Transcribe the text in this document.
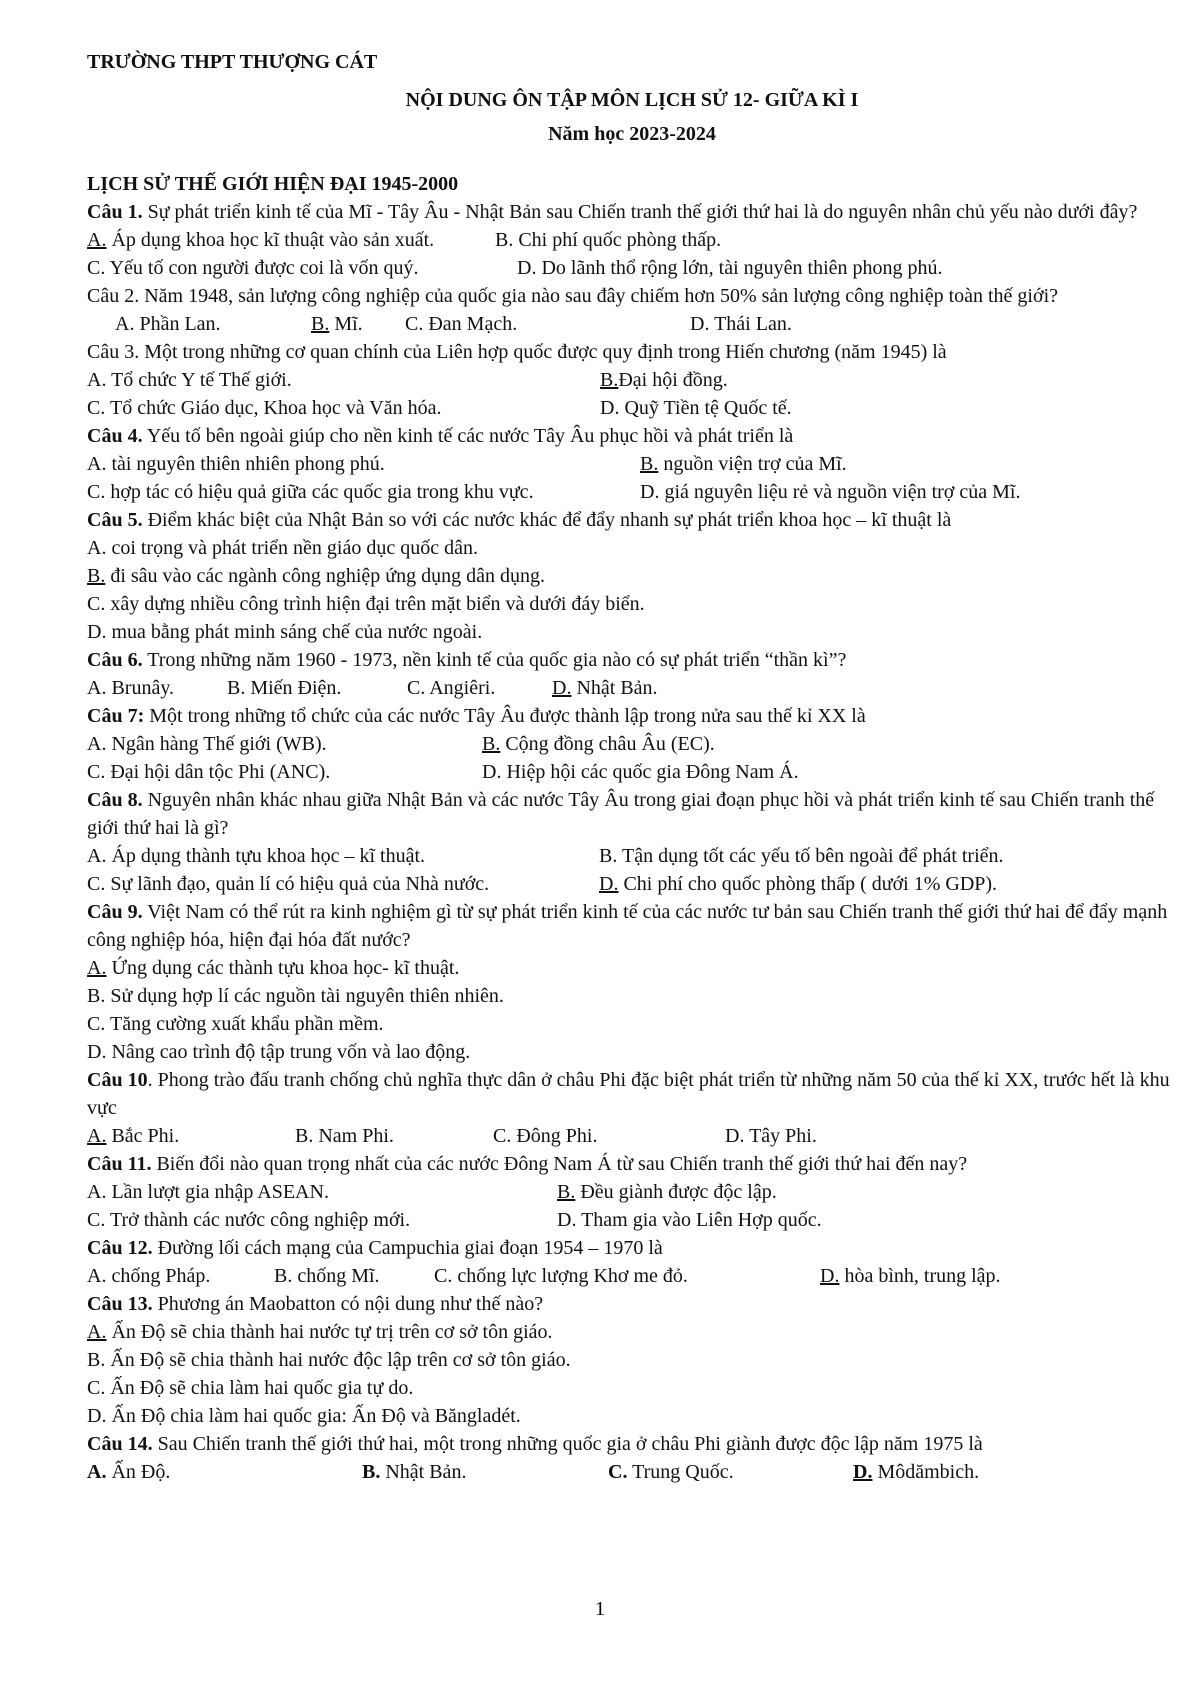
TRƯỜNG THPT THƯỢNG CÁT
NỘI DUNG ÔN TẬP MÔN LỊCH SỬ 12- GIỮA KÌ I
Năm học 2023-2024
LỊCH SỬ THẾ GIỚI HIỆN ĐẠI 1945-2000
Câu 1. Sự phát triển kinh tế của Mĩ - Tây Âu - Nhật Bản sau Chiến tranh thế giới thứ hai là do nguyên nhân chủ yếu nào dưới đây?
A. Áp dụng khoa học kĩ thuật vào sản xuất.	B. Chi phí quốc phòng thấp.
C. Yếu tố con người được coi là vốn quý.	D. Do lãnh thổ rộng lớn, tài nguyên thiên phong phú.
Câu 2. Năm 1948, sản lượng công nghiệp của quốc gia nào sau đây chiếm hơn 50% sản lượng công nghiệp toàn thế giới?
A. Phần Lan.	B. Mĩ.	C. Đan Mạch.	D. Thái Lan.
Câu 3. Một trong những cơ quan chính của Liên hợp quốc được quy định trong Hiến chương (năm 1945) là
A. Tổ chức Y tế Thế giới.	B.Đại hội đồng.
C. Tổ chức Giáo dục, Khoa học và Văn hóa.	D. Quỹ Tiền tệ Quốc tế.
Câu 4. Yếu tố bên ngoài giúp cho nền kinh tế các nước Tây Âu phục hồi và phát triển là
A. tài nguyên thiên nhiên phong phú.	B. nguồn viện trợ của Mĩ.
C. hợp tác có hiệu quả giữa các quốc gia trong khu vực.	D. giá nguyên liệu rẻ và nguồn viện trợ của Mĩ.
Câu 5. Điểm khác biệt của Nhật Bản so với các nước khác để đẩy nhanh sự phát triển khoa học – kĩ thuật là
A. coi trọng và phát triển nền giáo dục quốc dân.
B. đi sâu vào các ngành công nghiệp ứng dụng dân dụng.
C. xây dựng nhiều công trình hiện đại trên mặt biển và dưới đáy biển.
D. mua bằng phát minh sáng chế của nước ngoài.
Câu 6. Trong những năm 1960 - 1973, nền kinh tế của quốc gia nào có sự phát triển “thần kì”?
A. Brunây.	B. Miến Điện.	C. Angiêri.	D. Nhật Bản.
Câu 7: Một trong những tổ chức của các nước Tây Âu được thành lập trong nửa sau thế kỉ XX là
A. Ngân hàng Thế giới (WB).	B. Cộng đồng châu Âu (EC).
C. Đại hội dân tộc Phi (ANC).	D. Hiệp hội các quốc gia Đông Nam Á.
Câu 8. Nguyên nhân khác nhau giữa Nhật Bản và các nước Tây Âu trong giai đoạn phục hồi và phát triển kinh tế sau Chiến tranh thế giới thứ hai là gì?
A. Áp dụng thành tựu khoa học – kĩ thuật.	B. Tận dụng tốt các yếu tố bên ngoài để phát triển.
C. Sự lãnh đạo, quản lí có hiệu quả của Nhà nước.	D. Chi phí cho quốc phòng thấp ( dưới 1% GDP).
Câu 9. Việt Nam có thể rút ra kinh nghiệm gì từ sự phát triển kinh tế của các nước tư bản sau Chiến tranh thế giới thứ hai để đẩy mạnh công nghiệp hóa, hiện đại hóa đất nước?
A. Ứng dụng các thành tựu khoa học- kĩ thuật.
B. Sử dụng hợp lí các nguồn tài nguyên thiên nhiên.
C. Tăng cường xuất khẩu phần mềm.
D. Nâng cao trình độ tập trung vốn và lao động.
Câu 10. Phong trào đấu tranh chống chủ nghĩa thực dân ở châu Phi đặc biệt phát triển từ những năm 50 của thế kỉ XX, trước hết là khu vực
A. Bắc Phi.	B. Nam Phi.	C. Đông Phi.	D. Tây Phi.
Câu 11. Biến đổi nào quan trọng nhất của các nước Đông Nam Á từ sau Chiến tranh thế giới thứ hai đến nay?
A. Lần lượt gia nhập ASEAN.	B. Đều giành được độc lập.
C. Trở thành các nước công nghiệp mới.	D. Tham gia vào Liên Hợp quốc.
Câu 12. Đường lối cách mạng của Campuchia giai đoạn 1954 – 1970 là
A. chống Pháp.	B. chống Mĩ.	C. chống lực lượng Khơ me đỏ.	D. hòa bình, trung lập.
Câu 13. Phương án Maobatton có nội dung như thế nào?
A. Ấn Độ sẽ chia thành hai nước tự trị trên cơ sở tôn giáo.
B. Ấn Độ sẽ chia thành hai nước độc lập trên cơ sở tôn giáo.
C. Ấn Độ sẽ chia làm hai quốc gia tự do.
D. Ấn Độ chia làm hai quốc gia: Ấn Độ và Băngladét.
Câu 14. Sau Chiến tranh thế giới thứ hai, một trong những quốc gia ở châu Phi giành được độc lập năm 1975 là
A. Ấn Độ.	B. Nhật Bản.	C. Trung Quốc.	D. Môdămbich.
1
